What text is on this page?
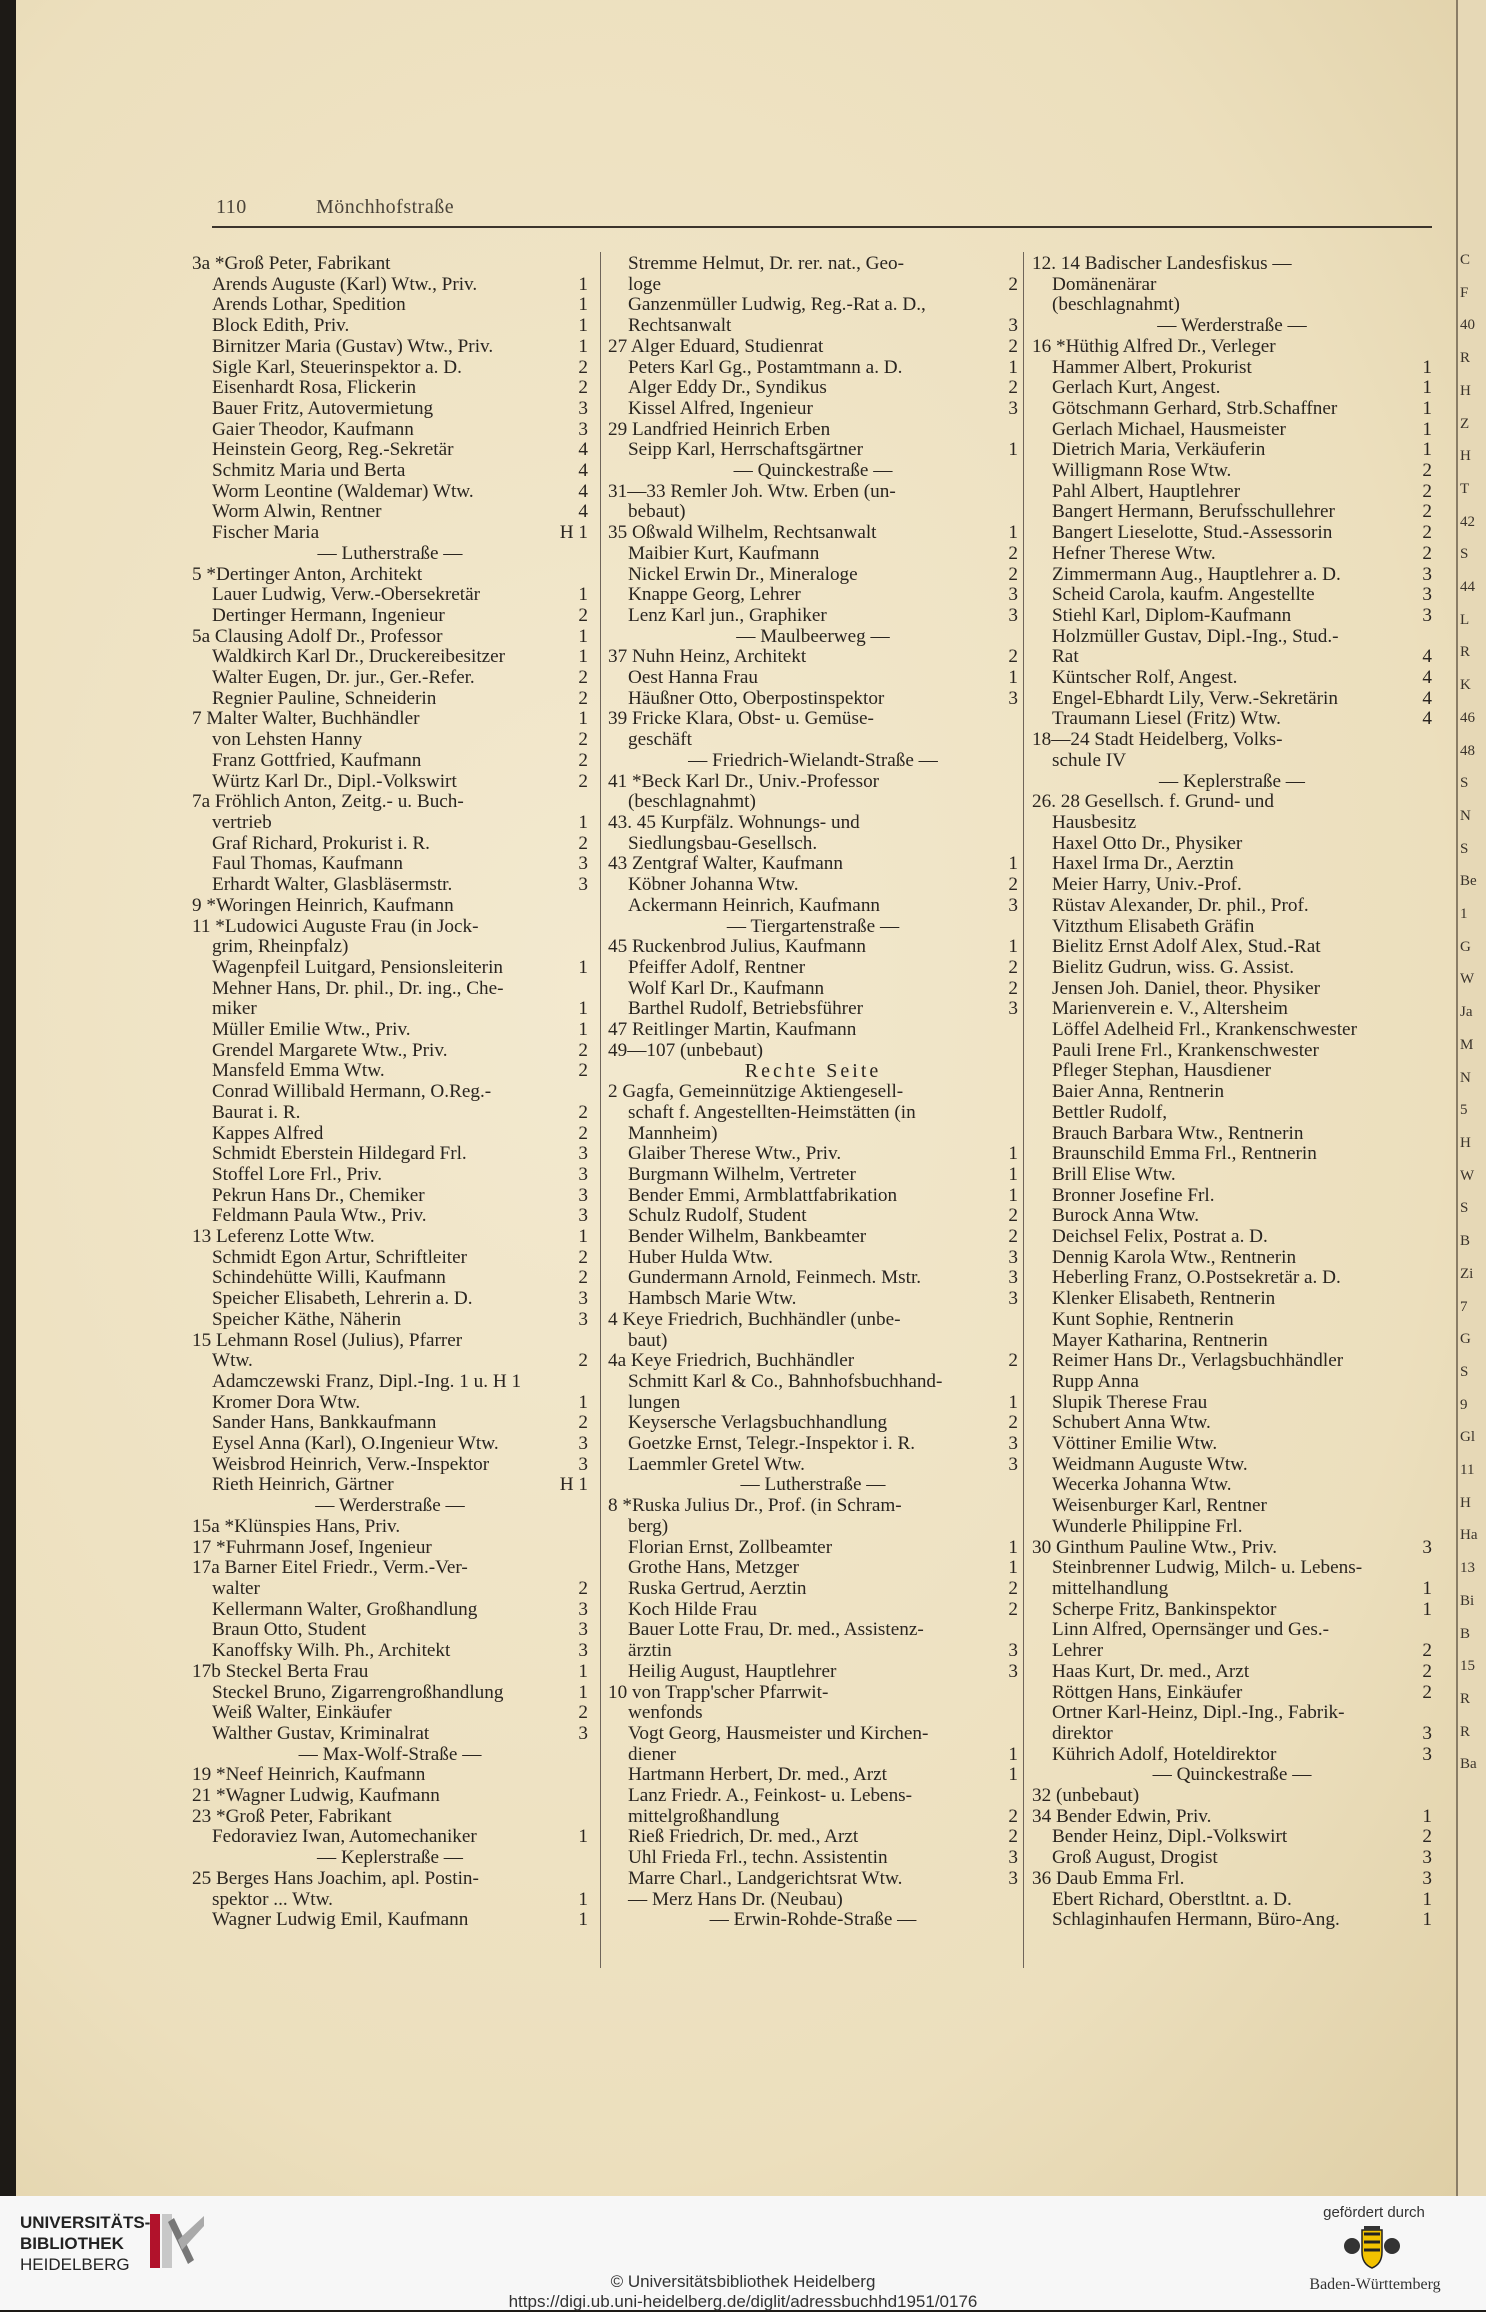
110	Mönchhofstraße
3a *Groß Peter, Fabrikant
Arends Auguste (Karl) Wtw., Priv.	1
Arends Lothar, Spedition	1
Block Edith, Priv.	1
Birnitzer Maria (Gustav) Wtw., Priv.	1
Sigle Karl, Steuerinspektor a. D.	2
Eisenhardt Rosa, Flickerin	2
Bauer Fritz, Autovermietung	3
Gaier Theodor, Kaufmann	3
Heinstein Georg, Reg.-Sekretär	4
Schmitz Maria und Berta	4
Worm Leontine (Waldemar) Wtw.	4
Worm Alwin, Rentner	4
Fischer Maria	H 1
— Lutherstraße —
5 *Dertinger Anton, Architekt
Lauer Ludwig, Verw.-Obersekretär	1
Dertinger Hermann, Ingenieur	2
5a Clausing Adolf Dr., Professor	1
Waldkirch Karl Dr., Druckereibesitzer	1
Walter Eugen, Dr. jur., Ger.-Refer.	2
Regnier Pauline, Schneiderin	2
7 Malter Walter, Buchhändler	1
von Lehsten Hanny	2
Franz Gottfried, Kaufmann	2
Würtz Karl Dr., Dipl.-Volkswirt	2
7a Fröhlich Anton, Zeitg.- u. Buch-
vertrieb	1
Graf Richard, Prokurist i. R.	2
Faul Thomas, Kaufmann	3
Erhardt Walter, Glasbläsermstr.	3
9 *Woringen Heinrich, Kaufmann
11 *Ludowici Auguste Frau (in Jock-
grim, Rheinpfalz)
Wagenpfeil Luitgard, Pensionsleiterin	1
Mehner Hans, Dr. phil., Dr. ing., Che-
miker	1
Müller Emilie Wtw., Priv.	1
Grendel Margarete Wtw., Priv.	2
Mansfeld Emma Wtw.	2
Conrad Willibald Hermann, O.Reg.-
Baurat i. R.	2
Kappes Alfred	2
Schmidt Eberstein Hildegard Frl.	3
Stoffel Lore Frl., Priv.	3
Pekrun Hans Dr., Chemiker	3
Feldmann Paula Wtw., Priv.	3
13 Leferenz Lotte Wtw.	1
Schmidt Egon Artur, Schriftleiter	2
Schindehütte Willi, Kaufmann	2
Speicher Elisabeth, Lehrerin a. D.	3
Speicher Käthe, Näherin	3
15 Lehmann Rosel (Julius), Pfarrer
Wtw.	2
Adamczewski Franz, Dipl.-Ing. 1 u. H 1
Kromer Dora Wtw.	1
Sander Hans, Bankkaufmann	2
Eysel Anna (Karl), O.Ingenieur Wtw.	3
Weisbrod Heinrich, Verw.-Inspektor	3
Rieth Heinrich, Gärtner	H 1
— Werderstraße —
15a *Klünspies Hans, Priv.
17 *Fuhrmann Josef, Ingenieur
17a Barner Eitel Friedr., Verm.-Ver-
walter	2
Kellermann Walter, Großhandlung	3
Braun Otto, Student	3
Kanoffsky Wilh. Ph., Architekt	3
17b Steckel Berta Frau	1
Steckel Bruno, Zigarrengroßhandlung	1
Weiß Walter, Einkäufer	2
Walther Gustav, Kriminalrat	3
— Max-Wolf-Straße —
19 *Neef Heinrich, Kaufmann
21 *Wagner Ludwig, Kaufmann
23 *Groß Peter, Fabrikant
Fedoraviez Iwan, Automechaniker	1
— Keplerstraße —
25 Berges Hans Joachim, apl. Postin-
spektor ... Wtw.	1
Wagner Ludwig Emil, Kaufmann	1
Stremme Helmut, Dr. rer. nat., Geo-
loge	2
Ganzenmüller Ludwig, Reg.-Rat a. D.,
Rechtsanwalt	3
27 Alger Eduard, Studienrat	2
Peters Karl Gg., Postamtmann a. D.	1
Alger Eddy Dr., Syndikus	2
Kissel Alfred, Ingenieur	3
29 Landfried Heinrich Erben
Seipp Karl, Herrschaftsgärtner	1
— Quinckestraße —
31—33 Remler Joh. Wtw. Erben (un-
bebaut)
35 Oßwald Wilhelm, Rechtsanwalt	1
Maibier Kurt, Kaufmann	2
Nickel Erwin Dr., Mineraloge	2
Knappe Georg, Lehrer	3
Lenz Karl jun., Graphiker	3
— Maulbeerweg —
37 Nuhn Heinz, Architekt	2
Oest Hanna Frau	1
Häußner Otto, Oberpostinspektor	3
39 Fricke Klara, Obst- u. Gemüse-
geschäft
— Friedrich-Wielandt-Straße —
41 *Beck Karl Dr., Univ.-Professor
(beschlagnahmt)
43. 45 Kurpfälz. Wohnungs- und
Siedlungsbau-Gesellsch.
43 Zentgraf Walter, Kaufmann	1
Köbner Johanna Wtw.	2
Ackermann Heinrich, Kaufmann	3
— Tiergartenstraße —
45 Ruckenbrod Julius, Kaufmann	1
Pfeiffer Adolf, Rentner	2
Wolf Karl Dr., Kaufmann	2
Barthel Rudolf, Betriebsführer	3
47 Reitlinger Martin, Kaufmann
49—107 (unbebaut)
Rechte Seite
2 Gagfa, Gemeinnützige Aktiengesell-
schaft f. Angestellten-Heimstätten (in
Mannheim)
Glaiber Therese Wtw., Priv.	1
Burgmann Wilhelm, Vertreter	1
Bender Emmi, Armblattfabrikation	1
Schulz Rudolf, Student	2
Bender Wilhelm, Bankbeamter	2
Huber Hulda Wtw.	3
Gundermann Arnold, Feinmech. Mstr.	3
Hambsch Marie Wtw.	3
4 Keye Friedrich, Buchhändler (unbe-
baut)
4a Keye Friedrich, Buchhändler	2
Schmitt Karl & Co., Bahnhofsbuchhand-
lungen	1
Keysersche Verlagsbuchhandlung	2
Goetzke Ernst, Telegr.-Inspektor i. R.	3
Laemmler Gretel Wtw.	3
— Lutherstraße —
8 *Ruska Julius Dr., Prof. (in Schram-
berg)
Florian Ernst, Zollbeamter	1
Grothe Hans, Metzger	1
Ruska Gertrud, Aerztin	2
Koch Hilde Frau	2
Bauer Lotte Frau, Dr. med., Assistenz-
ärztin	3
Heilig August, Hauptlehrer	3
10 von Trapp'scher Pfarrwit-
wenfonds
Vogt Georg, Hausmeister und Kirchen-
diener	1
Hartmann Herbert, Dr. med., Arzt	1
Lanz Friedr. A., Feinkost- u. Lebens-
mittelgroßhandlung	2
Rieß Friedrich, Dr. med., Arzt	2
Uhl Frieda Frl., techn. Assistentin	3
Marre Charl., Landgerichtsrat Wtw.	3
— Merz Hans Dr. (Neubau)
— Erwin-Rohde-Straße —
12. 14 Badischer Landesfiskus —
Domänenärar
(beschlagnahmt)
— Werderstraße —
16 *Hüthig Alfred Dr., Verleger
Hammer Albert, Prokurist	1
Gerlach Kurt, Angest.	1
Götschmann Gerhard, Strb.Schaffner	1
Gerlach Michael, Hausmeister	1
Dietrich Maria, Verkäuferin	1
Willigmann Rose Wtw.	2
Pahl Albert, Hauptlehrer	2
Bangert Hermann, Berufsschullehrer	2
Bangert Lieselotte, Stud.-Assessorin	2
Hefner Therese Wtw.	2
Zimmermann Aug., Hauptlehrer a. D.	3
Scheid Carola, kaufm. Angestellte	3
Stiehl Karl, Diplom-Kaufmann	3
Holzmüller Gustav, Dipl.-Ing., Stud.-
Rat	4
Küntscher Rolf, Angest.	4
Engel-Ebhardt Lily, Verw.-Sekretärin	4
Traumann Liesel (Fritz) Wtw.	4
18—24 Stadt Heidelberg, Volks-
schule IV
— Keplerstraße —
26. 28 Gesellsch. f. Grund- und
Hausbesitz
Haxel Otto Dr., Physiker
Haxel Irma Dr., Aerztin
Meier Harry, Univ.-Prof.
Rüstav Alexander, Dr. phil., Prof.
Vitzthum Elisabeth Gräfin
Bielitz Ernst Adolf Alex, Stud.-Rat
Bielitz Gudrun, wiss. G. Assist.
Jensen Joh. Daniel, theor. Physiker
Marienverein e. V., Altersheim
Löffel Adelheid Frl., Krankenschwester
Pauli Irene Frl., Krankenschwester
Pfleger Stephan, Hausdiener
Baier Anna, Rentnerin
Bettler Rudolf,
Brauch Barbara Wtw., Rentnerin
Braunschild Emma Frl., Rentnerin
Brill Elise Wtw.
Bronner Josefine Frl.
Burock Anna Wtw.
Deichsel Felix, Postrat a. D.
Dennig Karola Wtw., Rentnerin
Heberling Franz, O.Postsekretär a. D.
Klenker Elisabeth, Rentnerin
Kunt Sophie, Rentnerin
Mayer Katharina, Rentnerin
Reimer Hans Dr., Verlagsbuchhändler
Rupp Anna
Slupik Therese Frau
Schubert Anna Wtw.
Vöttiner Emilie Wtw.
Weidmann Auguste Wtw.
Wecerka Johanna Wtw.
Weisenburger Karl, Rentner
Wunderle Philippine Frl.
30 Ginthum Pauline Wtw., Priv.	3
Steinbrenner Ludwig, Milch- u. Lebens-
mittelhandlung	1
Scherpe Fritz, Bankinspektor	1
Linn Alfred, Opernsänger und Ges.-
Lehrer	2
Haas Kurt, Dr. med., Arzt	2
Röttgen Hans, Einkäufer	2
Ortner Karl-Heinz, Dipl.-Ing., Fabrik-
direktor	3
Kührich Adolf, Hoteldirektor	3
— Quinckestraße —
32 (unbebaut)
34 Bender Edwin, Priv.	1
Bender Heinz, Dipl.-Volkswirt	2
Groß August, Drogist	3
36 Daub Emma Frl.	3
Ebert Richard, Oberstltnt. a. D.	1
Schlaginhaufen Hermann, Büro-Ang.	1
C
F
40
R
H
Z
H
T
42
S
44
L
R
K
46
48
S
N
S
Be
1
G
W
Ja
M
N
5
H
W
S
B
Zi
7
G
S
9
Gl
11
H
Ha
13
Bi
B
15
R
R
Ba
UNIVERSITÄTS-
BIBLIOTHEK
HEIDELBERG
© Universitätsbibliothek Heidelberg
https://digi.ub.uni-heidelberg.de/diglit/adressbuchhd1951/0176
gefördert durch
Baden-Württemberg
